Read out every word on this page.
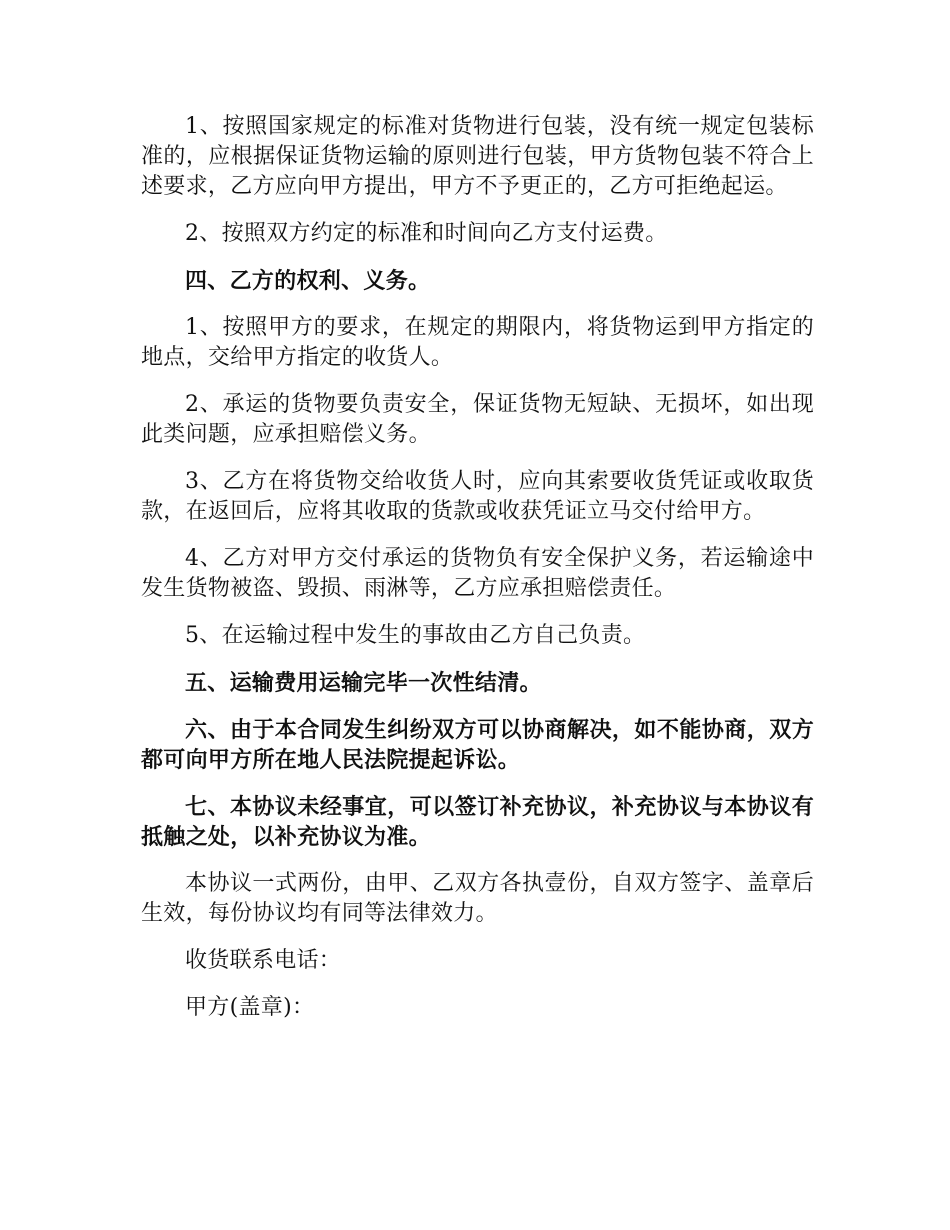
1、按照国家规定的标准对货物进行包装，没有统一规定包装标准的，应根据保证货物运输的原则进行包装，甲方货物包装不符合上述要求，乙方应向甲方提出，甲方不予更正的，乙方可拒绝起运。

2、按照双方约定的标准和时间向乙方支付运费。

四、乙方的权利、义务。

1、按照甲方的要求，在规定的期限内，将货物运到甲方指定的地点，交给甲方指定的收货人。

2、承运的货物要负责安全，保证货物无短缺、无损坏，如出现此类问题，应承担赔偿义务。

3、乙方在将货物交给收货人时，应向其索要收货凭证或收取货款，在返回后，应将其收取的货款或收获凭证立马交付给甲方。

4、乙方对甲方交付承运的货物负有安全保护义务，若运输途中发生货物被盗、毁损、雨淋等，乙方应承担赔偿责任。

5、在运输过程中发生的事故由乙方自己负责。

五、运输费用运输完毕一次性结清。

六、由于本合同发生纠纷双方可以协商解决，如不能协商，双方都可向甲方所在地人民法院提起诉讼。

七、本协议未经事宜，可以签订补充协议，补充协议与本协议有抵触之处，以补充协议为准。

本协议一式两份，由甲、乙双方各执壹份，自双方签字、盖章后生效，每份协议均有同等法律效力。

收货联系电话：

甲方(盖章)：
